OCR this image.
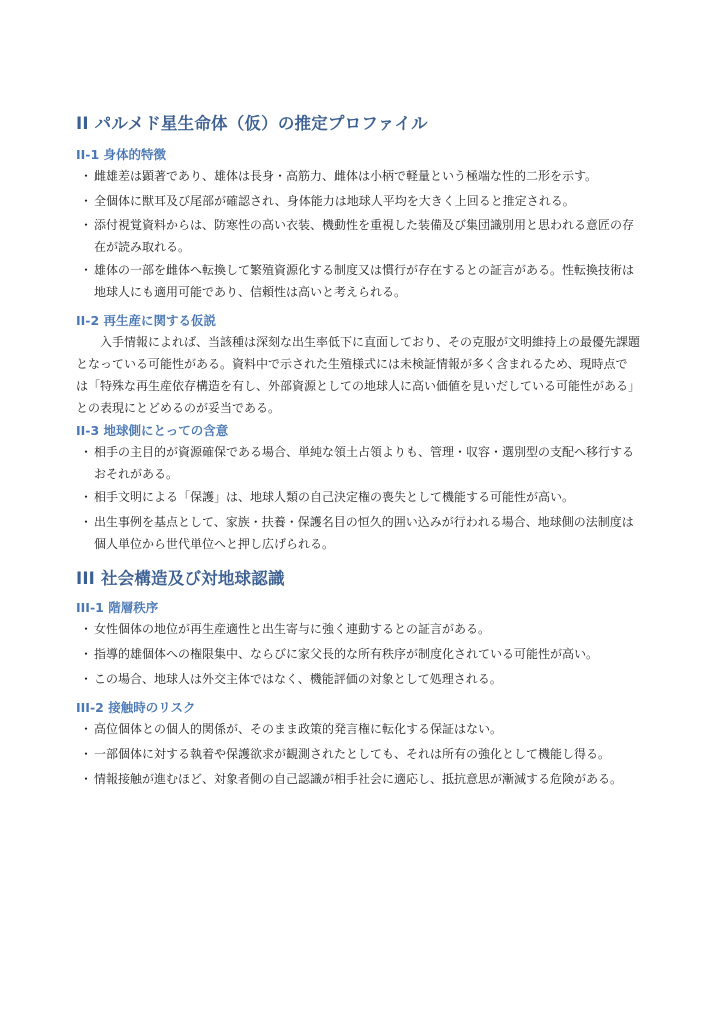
II パルメド星生命体（仮）の推定プロファイル
II-1 身体的特徴
・ 雌雄差は顕著であり、雄体は長身・高筋力、雌体は小柄で軽量という極端な性的二形を示す。
・ 全個体に獣耳及び尾部が確認され、身体能力は地球人平均を大きく上回ると推定される。
・ 添付視覚資料からは、防寒性の高い衣装、機動性を重視した装備及び集団識別用と思われる意匠の存
在が読み取れる。
・ 雄体の一部を雌体へ転換して繁殖資源化する制度又は慣行が存在するとの証言がある。性転換技術は
地球人にも適用可能であり、信頼性は高いと考えられる。
II-2 再生産に関する仮説
入手情報によれば、当該種は深刻な出生率低下に直面しており、その克服が文明維持上の最優先課題
となっている可能性がある。資料中で示された生殖様式には未検証情報が多く含まれるため、現時点で
は「特殊な再生産依存構造を有し、外部資源としての地球人に高い価値を見いだしている可能性がある」
との表現にとどめるのが妥当である。
II-3 地球側にとっての含意
・ 相手の主目的が資源確保である場合、単純な領土占領よりも、管理・収容・選別型の支配へ移行する
おそれがある。
・ 相手文明による「保護」は、地球人類の自己決定権の喪失として機能する可能性が高い。
・ 出生事例を基点として、家族・扶養・保護名目の恒久的囲い込みが行われる場合、地球側の法制度は
個人単位から世代単位へと押し広げられる。
III 社会構造及び対地球認識
III-1 階層秩序
・ 女性個体の地位が再生産適性と出生寄与に強く連動するとの証言がある。
・ 指導的雄個体への権限集中、ならびに家父長的な所有秩序が制度化されている可能性が高い。
・ この場合、地球人は外交主体ではなく、機能評価の対象として処理される。
III-2 接触時のリスク
・ 高位個体との個人的関係が、そのまま政策的発言権に転化する保証はない。
・ 一部個体に対する執着や保護欲求が観測されたとしても、それは所有の強化として機能し得る。
・ 情報接触が進むほど、対象者側の自己認識が相手社会に適応し、抵抗意思が漸減する危険がある。
